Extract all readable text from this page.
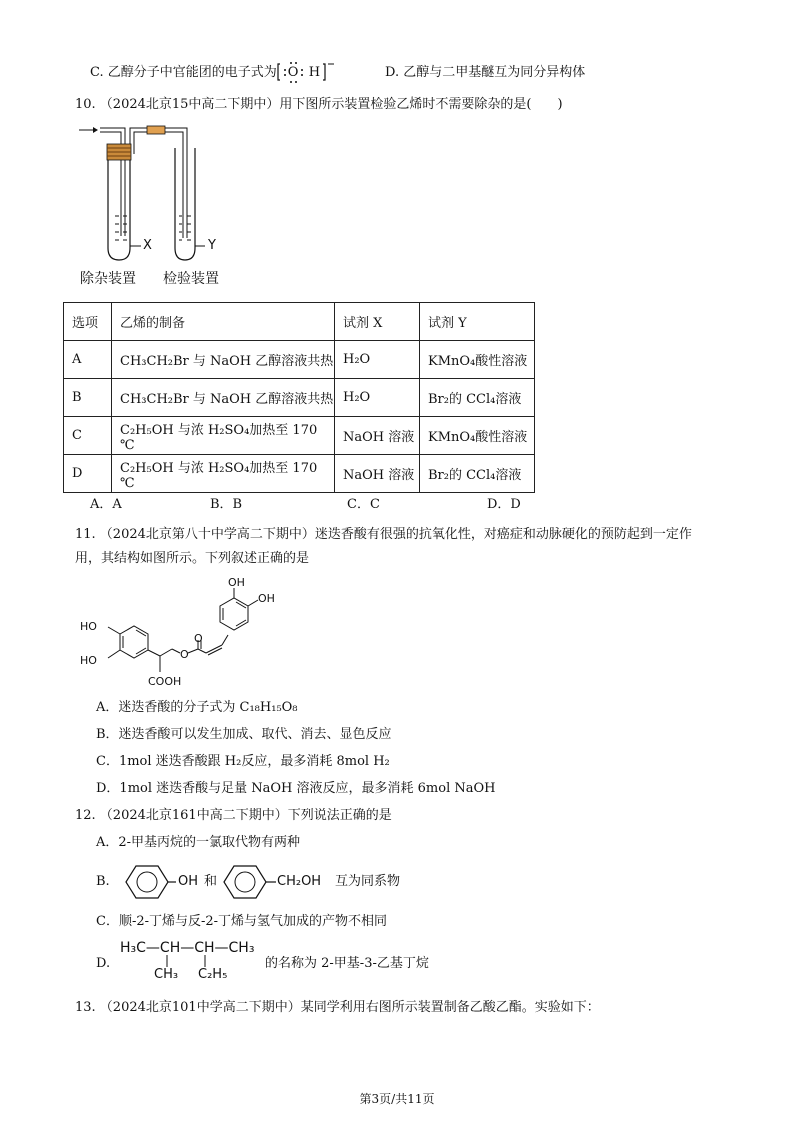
C. 乙醇分子中官能团的电子式为 O H	D. 乙醇与二甲基醚互为同分异构体
10. （2024北京15中高二下期中）用下图所示装置检验乙烯时不需要除杂的是(　　)
X	Y
除杂装置 检验装置
选项	乙烯的制备	试剂 X	试剂 Y
A	CH₃CH₂Br 与 NaOH 乙醇溶液共热	H₂O	KMnO₄酸性溶液
B	CH₃CH₂Br 与 NaOH 乙醇溶液共热	H₂O	Br₂的 CCl₄溶液
C	C₂H₅OH 与浓 H₂SO₄加热至 170 ℃	NaOH 溶液	KMnO₄酸性溶液
D	C₂H₅OH 与浓 H₂SO₄加热至 170 ℃	NaOH 溶液	Br₂的 CCl₄溶液
A．A	B．B	C．C	D．D
11. （2024北京第八十中学高二下期中）迷迭香酸有很强的抗氧化性，对癌症和动脉硬化的预防起到一定作
用，其结构如图所示。下列叙述正确的是
OH
OH
HO
HO
O
O
COOH
A．迷迭香酸的分子式为 C₁₈H₁₅O₈
B．迷迭香酸可以发生加成、取代、消去、显色反应
C．1mol 迷迭香酸跟 H₂反应，最多消耗 8mol H₂
D．1mol 迷迭香酸与足量 NaOH 溶液反应，最多消耗 6mol NaOH
12. （2024北京161中高二下期中）下列说法正确的是
A．2-甲基丙烷的一氯取代物有两种
B.	OH 和	CH₂OH 互为同系物
C．顺-2-丁烯与反-2-丁烯与氢气加成的产物不相同
D.
H₃C—CH—CH—CH₃
CH₃ C₂H₅
的名称为 2-甲基-3-乙基丁烷
13. （2024北京101中学高二下期中）某同学利用右图所示装置制备乙酸乙酯。实验如下：
第3页/共11页
